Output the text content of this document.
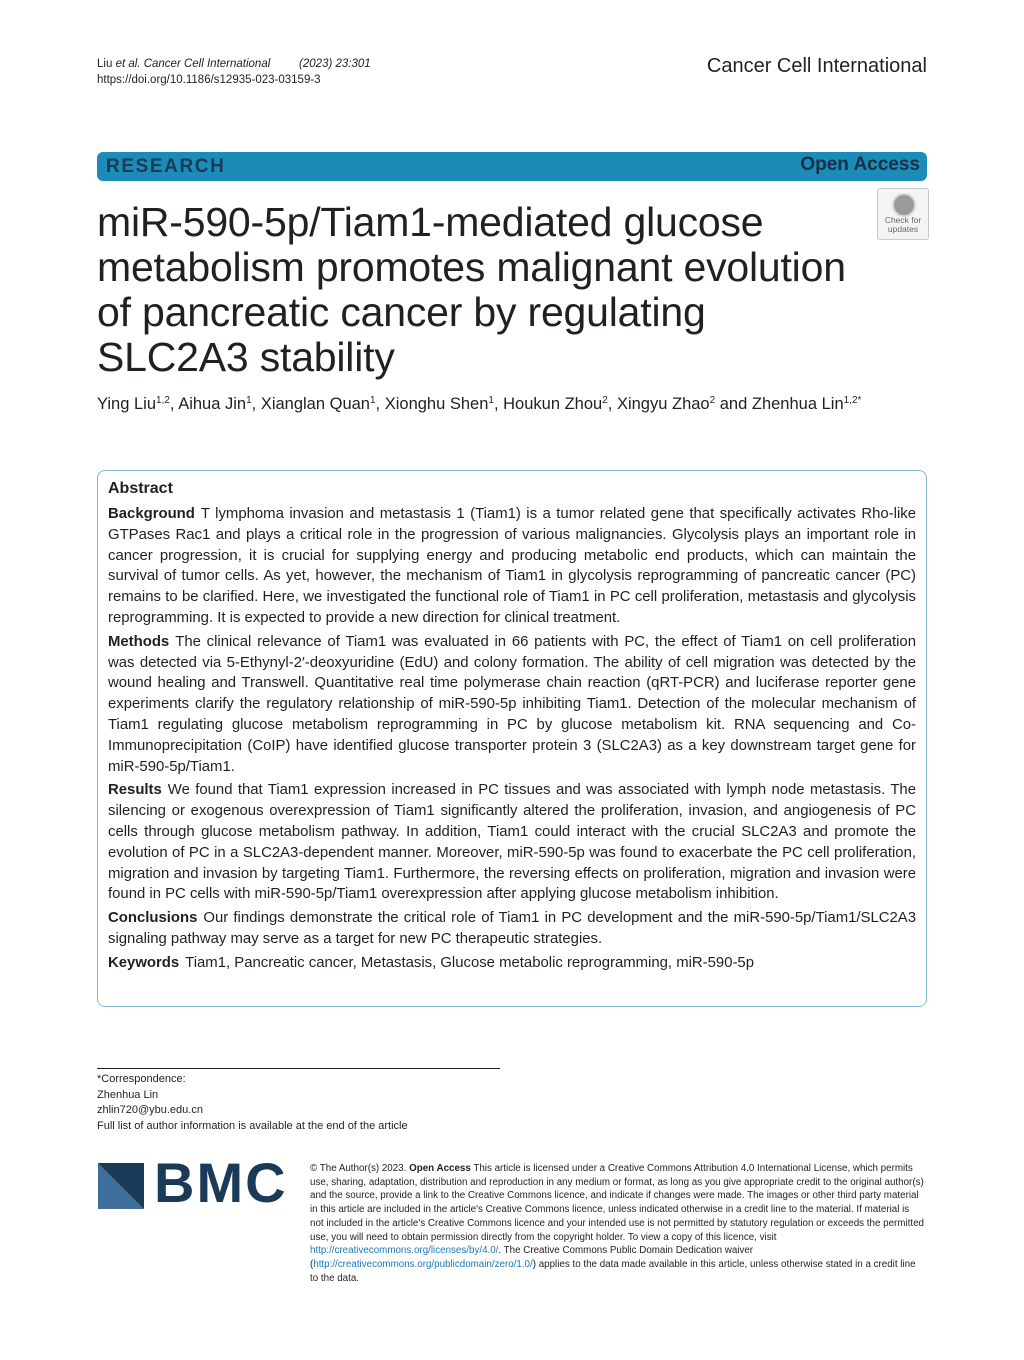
Liu et al. Cancer Cell International	(2023) 23:301
https://doi.org/10.1186/s12935-023-03159-3
Cancer Cell International
RESEARCH	Open Access
miR-590-5p/Tiam1-mediated glucose metabolism promotes malignant evolution of pancreatic cancer by regulating SLC2A3 stability
Check for
updates
Ying Liu$^{1,2}$, Aihua Jin$^1$, Xianglan Quan$^1$, Xionghu Shen$^1$, Houkun Zhou$^2$, Xingyu Zhao$^2$ and Zhenhua Lin$^{1,2*}$
Abstract

Background T lymphoma invasion and metastasis 1 (Tiam1) is a tumor related gene that specifically activates Rho-like GTPases Rac1 and plays a critical role in the progression of various malignancies. Glycolysis plays an important role in cancer progression, it is crucial for supplying energy and producing metabolic end products, which can maintain the survival of tumor cells. As yet, however, the mechanism of Tiam1 in glycolysis reprogramming of pancreatic cancer (PC) remains to be clarified. Here, we investigated the functional role of Tiam1 in PC cell proliferation, metastasis and glycolysis reprogramming. It is expected to provide a new direction for clinical treatment.

Methods The clinical relevance of Tiam1 was evaluated in 66 patients with PC, the effect of Tiam1 on cell proliferation was detected via 5-Ethynyl-2′-deoxyuridine (EdU) and colony formation. The ability of cell migration was detected by the wound healing and Transwell. Quantitative real time polymerase chain reaction (qRT-PCR) and luciferase reporter gene experiments clarify the regulatory relationship of miR-590-5p inhibiting Tiam1. Detection of the molecular mechanism of Tiam1 regulating glucose metabolism reprogramming in PC by glucose metabolism kit. RNA sequencing and Co-Immunoprecipitation (CoIP) have identified glucose transporter protein 3 (SLC2A3) as a key downstream target gene for miR-590-5p/Tiam1.

Results We found that Tiam1 expression increased in PC tissues and was associated with lymph node metastasis. The silencing or exogenous overexpression of Tiam1 significantly altered the proliferation, invasion, and angiogenesis of PC cells through glucose metabolism pathway. In addition, Tiam1 could interact with the crucial SLC2A3 and promote the evolution of PC in a SLC2A3-dependent manner. Moreover, miR-590-5p was found to exacerbate the PC cell proliferation, migration and invasion by targeting Tiam1. Furthermore, the reversing effects on proliferation, migration and invasion were found in PC cells with miR-590-5p/Tiam1 overexpression after applying glucose metabolism inhibition.

Conclusions Our findings demonstrate the critical role of Tiam1 in PC development and the miR-590-5p/Tiam1/SLC2A3 signaling pathway may serve as a target for new PC therapeutic strategies.

Keywords Tiam1, Pancreatic cancer, Metastasis, Glucose metabolic reprogramming, miR-590-5p

*Correspondence:
Zhenhua Lin
zhlin720@ybu.edu.cn
Full list of author information is available at the end of the article
BMC © The Author(s) 2023. Open Access This article is licensed under a Creative Commons Attribution 4.0 International License, which permits use, sharing, adaptation, distribution and reproduction in any medium or format, as long as you give appropriate credit to the original author(s) and the source, provide a link to the Creative Commons licence, and indicate if changes were made. The images or other third party material in this article are included in the article's Creative Commons licence, unless indicated otherwise in a credit line to the material. If material is not included in the article's Creative Commons licence and your intended use is not permitted by statutory regulation or exceeds the permitted use, you will need to obtain permission directly from the copyright holder. To view a copy of this licence, visit http://creativecommons.org/licenses/by/4.0/. The Creative Commons Public Domain Dedication waiver (http://creativecommons.org/publicdomain/zero/1.0/) applies to the data made available in this article, unless otherwise stated in a credit line to the data.
